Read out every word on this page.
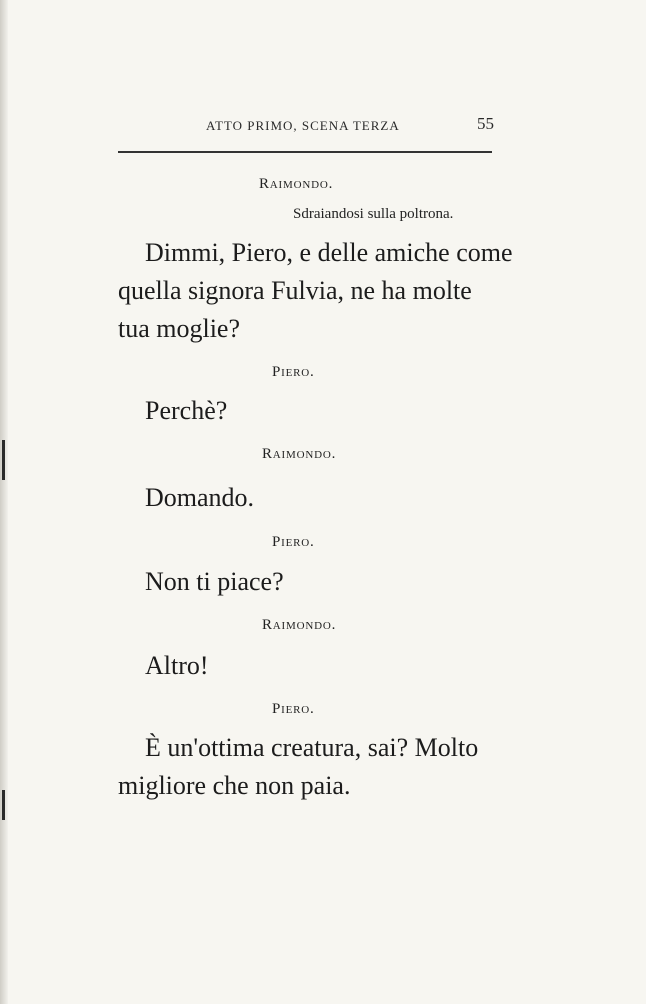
ATTO PRIMO, SCENA TERZA	55
Raimondo.
Sdraiandosi sulla poltrona.
Dimmi, Piero, e delle amiche come
quella signora Fulvia, ne ha molte
tua moglie?
Piero.
Perchè?
Raimondo.
Domando.
Piero.
Non ti piace?
Raimondo.
Altro!
Piero.
È un'ottima creatura, sai? Molto
migliore che non paia.
